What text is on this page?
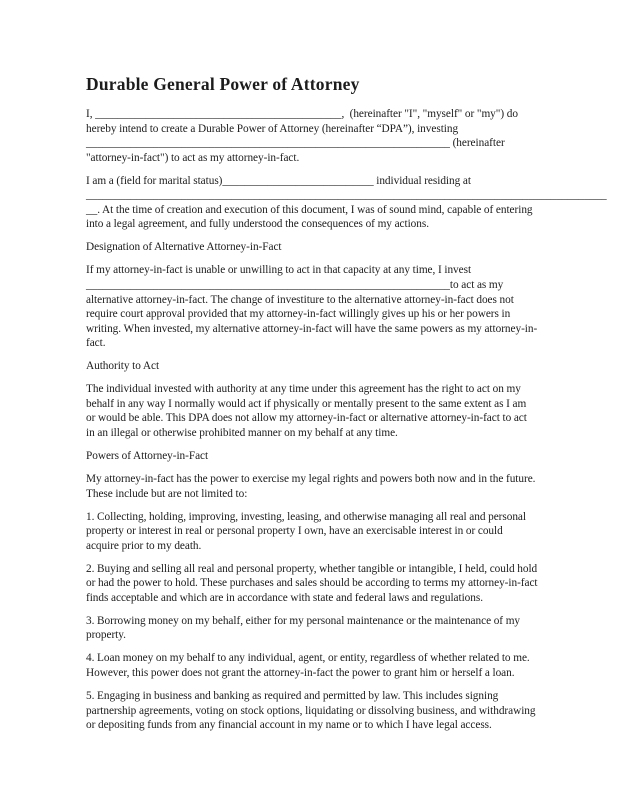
Durable General Power of Attorney

I, ____________________________________________,  (hereinafter "I", "myself" or "my") do hereby intend to create a Durable Power of Attorney (hereinafter “DPA”), investing _________________________________________________________________ (hereinafter "attorney-in-fact") to act as my attorney-in-fact.

I am a (field for marital status)___________________________ individual residing at _____________________________________________________________________________________________ __. At the time of creation and execution of this document, I was of sound mind, capable of entering into a legal agreement, and fully understood the consequences of my actions.

Designation of Alternative Attorney-in-Fact

If my attorney-in-fact is unable or unwilling to act in that capacity at any time, I invest _________________________________________________________________to act as my alternative attorney-in-fact. The change of investiture to the alternative attorney-in-fact does not require court approval provided that my attorney-in-fact willingly gives up his or her powers in writing. When invested, my alternative attorney-in-fact will have the same powers as my attorney-in-fact.

Authority to Act

The individual invested with authority at any time under this agreement has the right to act on my behalf in any way I normally would act if physically or mentally present to the same extent as I am or would be able. This DPA does not allow my attorney-in-fact or alternative attorney-in-fact to act in an illegal or otherwise prohibited manner on my behalf at any time.

Powers of Attorney-in-Fact

My attorney-in-fact has the power to exercise my legal rights and powers both now and in the future. These include but are not limited to:

1. Collecting, holding, improving, investing, leasing, and otherwise managing all real and personal property or interest in real or personal property I own, have an exercisable interest in or could acquire prior to my death.

2. Buying and selling all real and personal property, whether tangible or intangible, I held, could hold or had the power to hold. These purchases and sales should be according to terms my attorney-in-fact finds acceptable and which are in accordance with state and federal laws and regulations.

3. Borrowing money on my behalf, either for my personal maintenance or the maintenance of my property.

4. Loan money on my behalf to any individual, agent, or entity, regardless of whether related to me. However, this power does not grant the attorney-in-fact the power to grant him or herself a loan.

5. Engaging in business and banking as required and permitted by law. This includes signing partnership agreements, voting on stock options, liquidating or dissolving business, and withdrawing or depositing funds from any financial account in my name or to which I have legal access.
